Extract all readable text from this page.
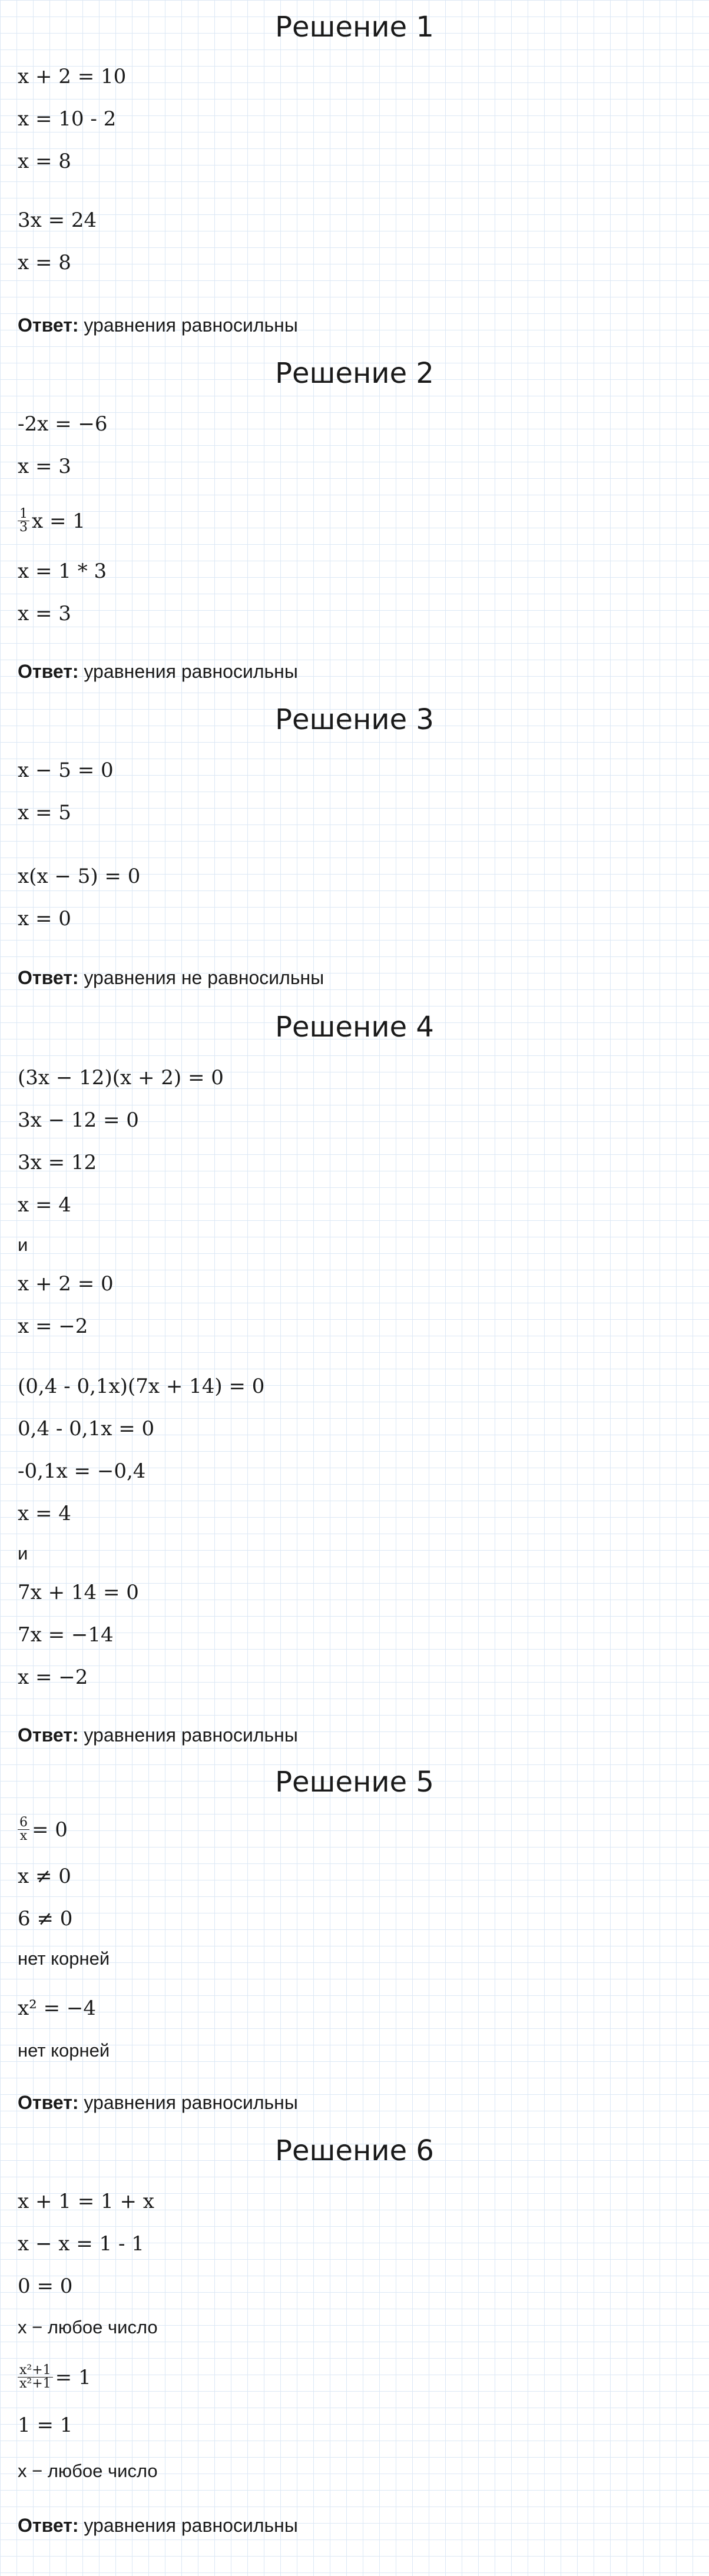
Решение 1
x + 2 = 10
x = 10 - 2
x = 8
3x = 24
x = 8
Ответ: уравнения равносильны
Решение 2
-2x = −6
x = 3
$\frac{1}{3}$ x = 1
x = 1 * 3
x = 3
Ответ: уравнения равносильны
Решение 3
x − 5 = 0
x = 5
x(x − 5) = 0
x = 0
Ответ: уравнения не равносильны
Решение 4
(3x − 12)(x + 2) = 0
3x − 12 = 0
3x = 12
x = 4
и
x + 2 = 0
x = −2
(0,4 - 0,1x)(7x + 14) = 0
0,4 - 0,1x = 0
-0,1x = −0,4
x = 4
и
7x + 14 = 0
7x = −14
x = −2
Ответ: уравнения равносильны
Решение 5
$\frac{6}{x} = 0$
x ≠ 0
6 ≠ 0
нет корней
x² = −4
нет корней
Ответ: уравнения равносильны
Решение 6
x + 1 = 1 + x
x − x = 1 - 1
0 = 0
x − любое число
$\frac{\text{x²+1}}{\text{x²+1}} = 1$
1 = 1
x − любое число
Ответ: уравнения равносильны
